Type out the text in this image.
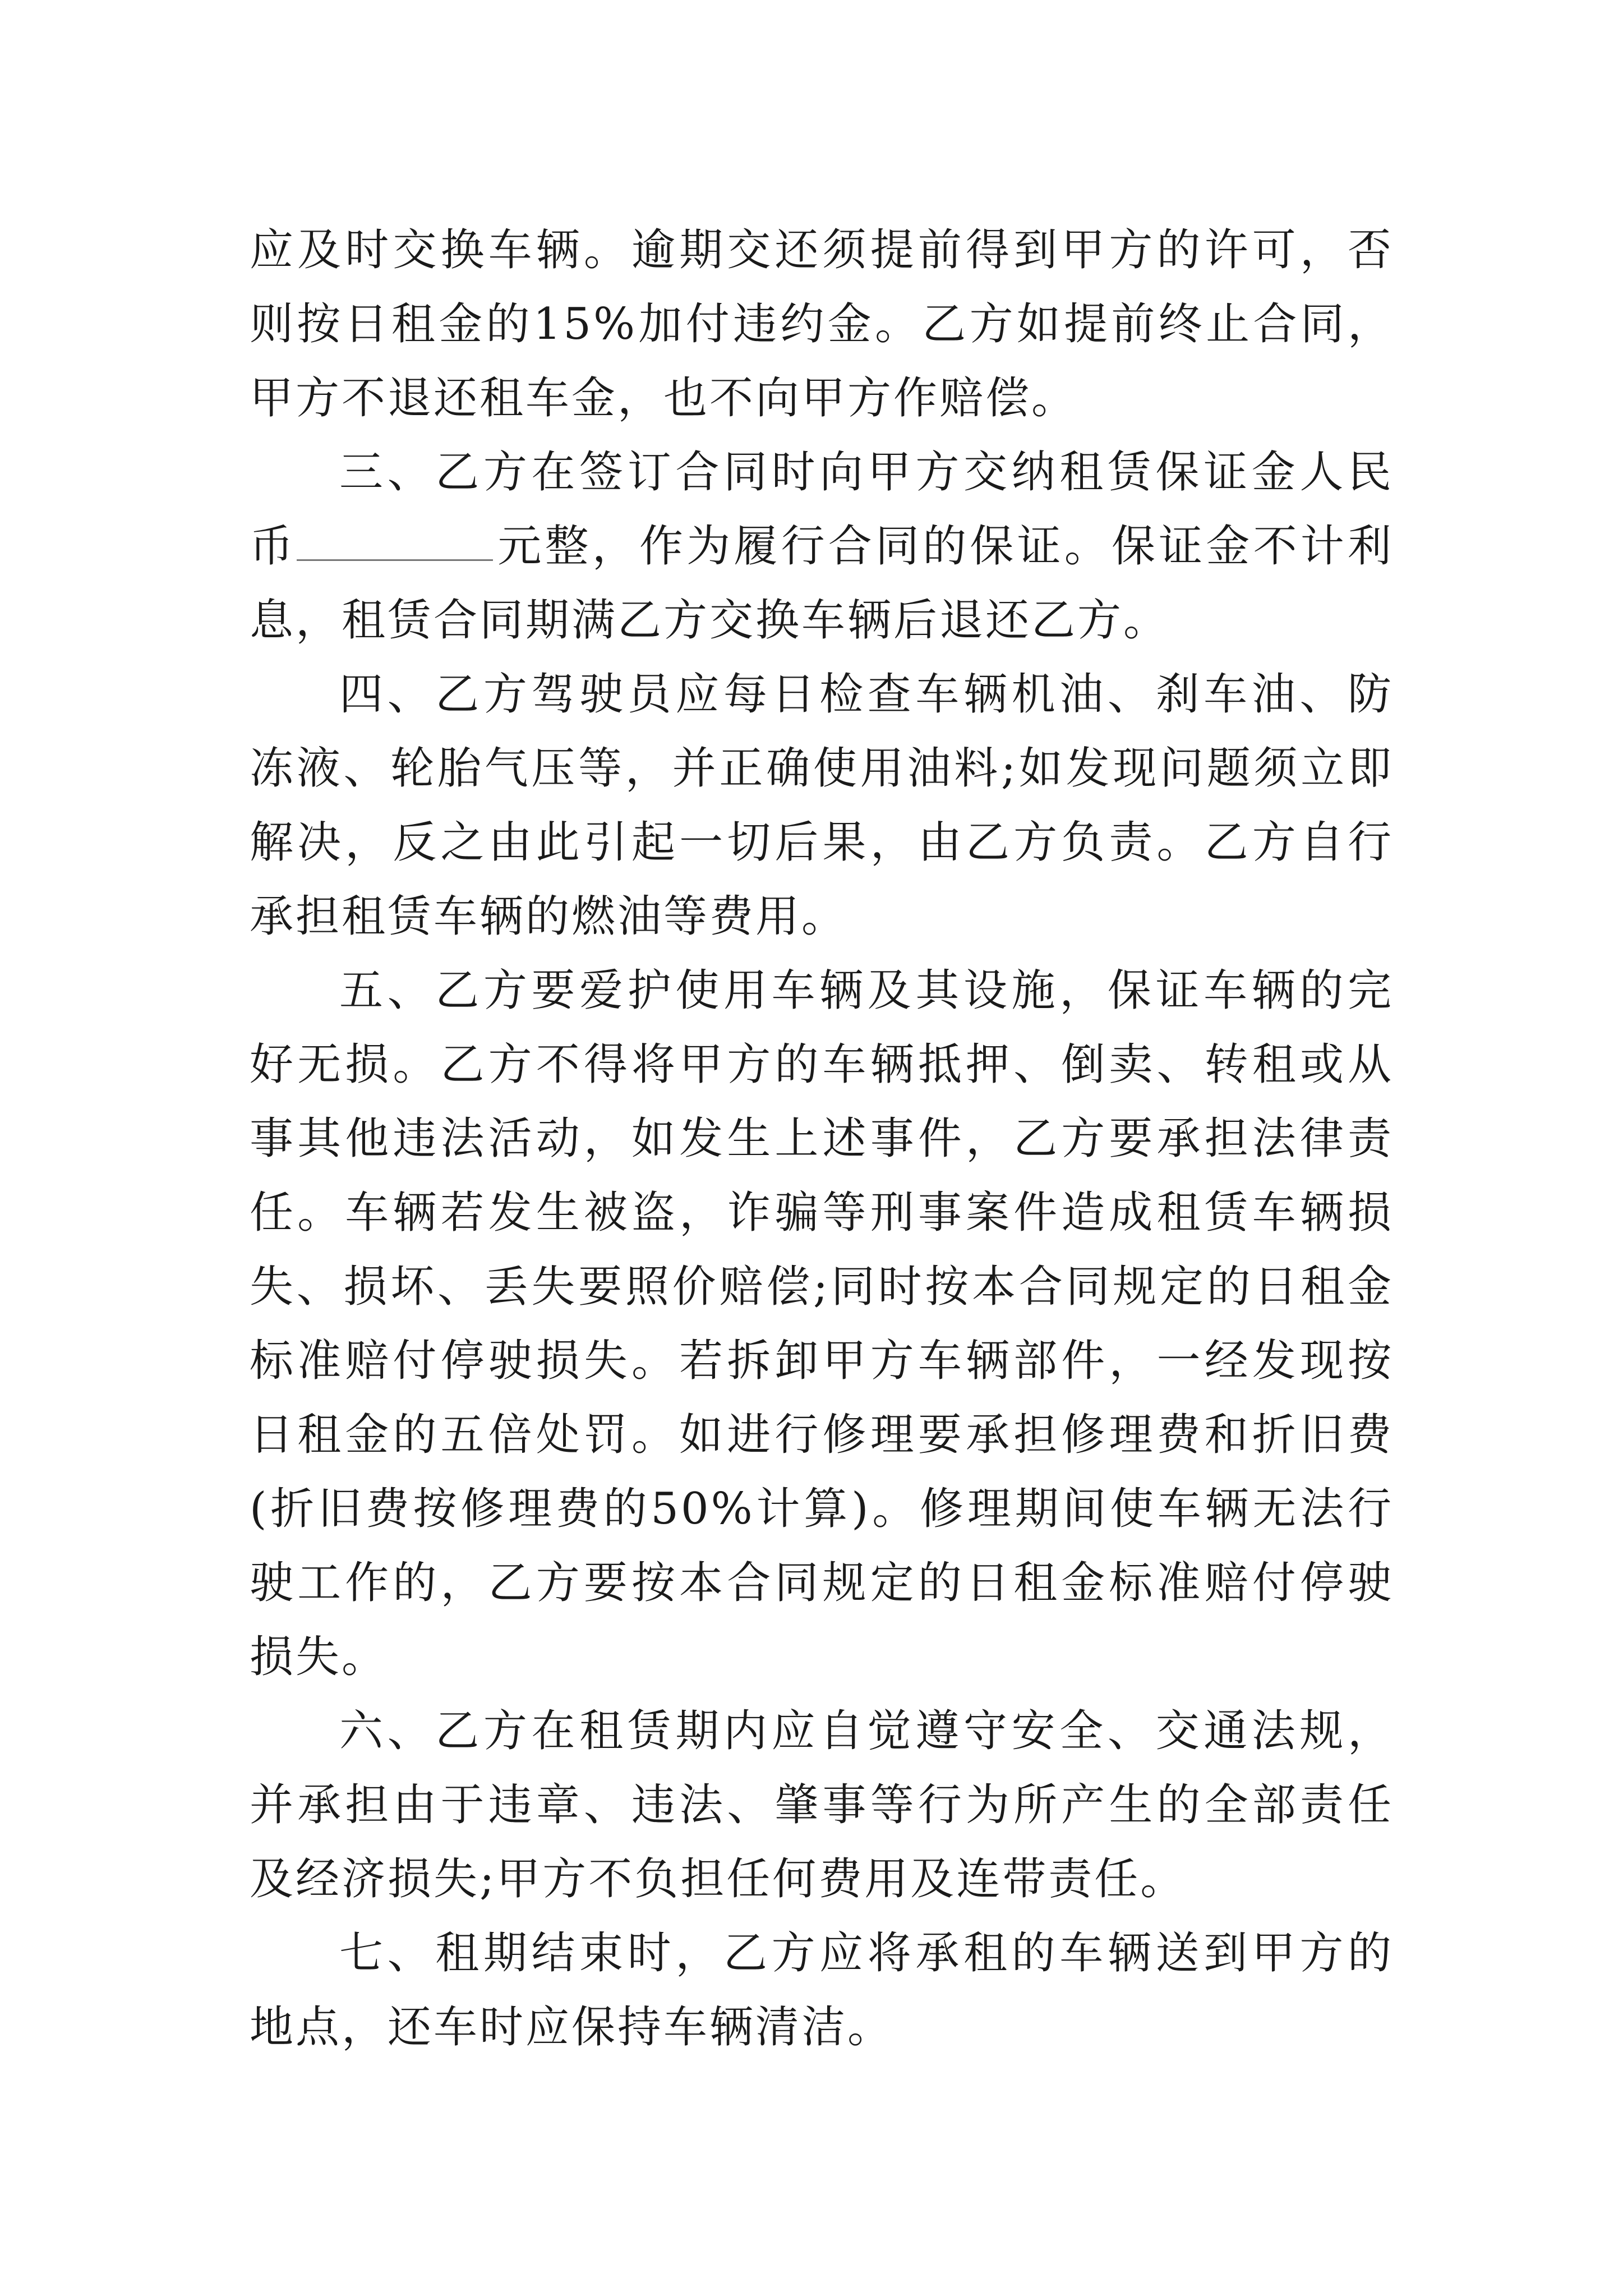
应及时交换车辆。逾期交还须提前得到甲方的许可，否则按日租金的15%加付违约金。乙方如提前终止合同，甲方不退还租车金，也不向甲方作赔偿。

三、乙方在签订合同时向甲方交纳租赁保证金人民币	元整，作为履行合同的保证。保证金不计利息，租赁合同期满乙方交换车辆后退还乙方。

四、乙方驾驶员应每日检查车辆机油、刹车油、防冻液、轮胎气压等，并正确使用油料;如发现问题须立即解决，反之由此引起一切后果，由乙方负责。乙方自行承担租赁车辆的燃油等费用。

五、乙方要爱护使用车辆及其设施，保证车辆的完好无损。乙方不得将甲方的车辆抵押、倒卖、转租或从事其他违法活动，如发生上述事件，乙方要承担法律责任。车辆若发生被盗，诈骗等刑事案件造成租赁车辆损失、损坏、丢失要照价赔偿;同时按本合同规定的日租金标准赔付停驶损失。若拆卸甲方车辆部件，一经发现按日租金的五倍处罚。如进行修理要承担修理费和折旧费(折旧费按修理费的50%计算)。修理期间使车辆无法行驶工作的，乙方要按本合同规定的日租金标准赔付停驶损失。

六、乙方在租赁期内应自觉遵守安全、交通法规，并承担由于违章、违法、肇事等行为所产生的全部责任及经济损失;甲方不负担任何费用及连带责任。

七、租期结束时，乙方应将承租的车辆送到甲方的地点，还车时应保持车辆清洁。
